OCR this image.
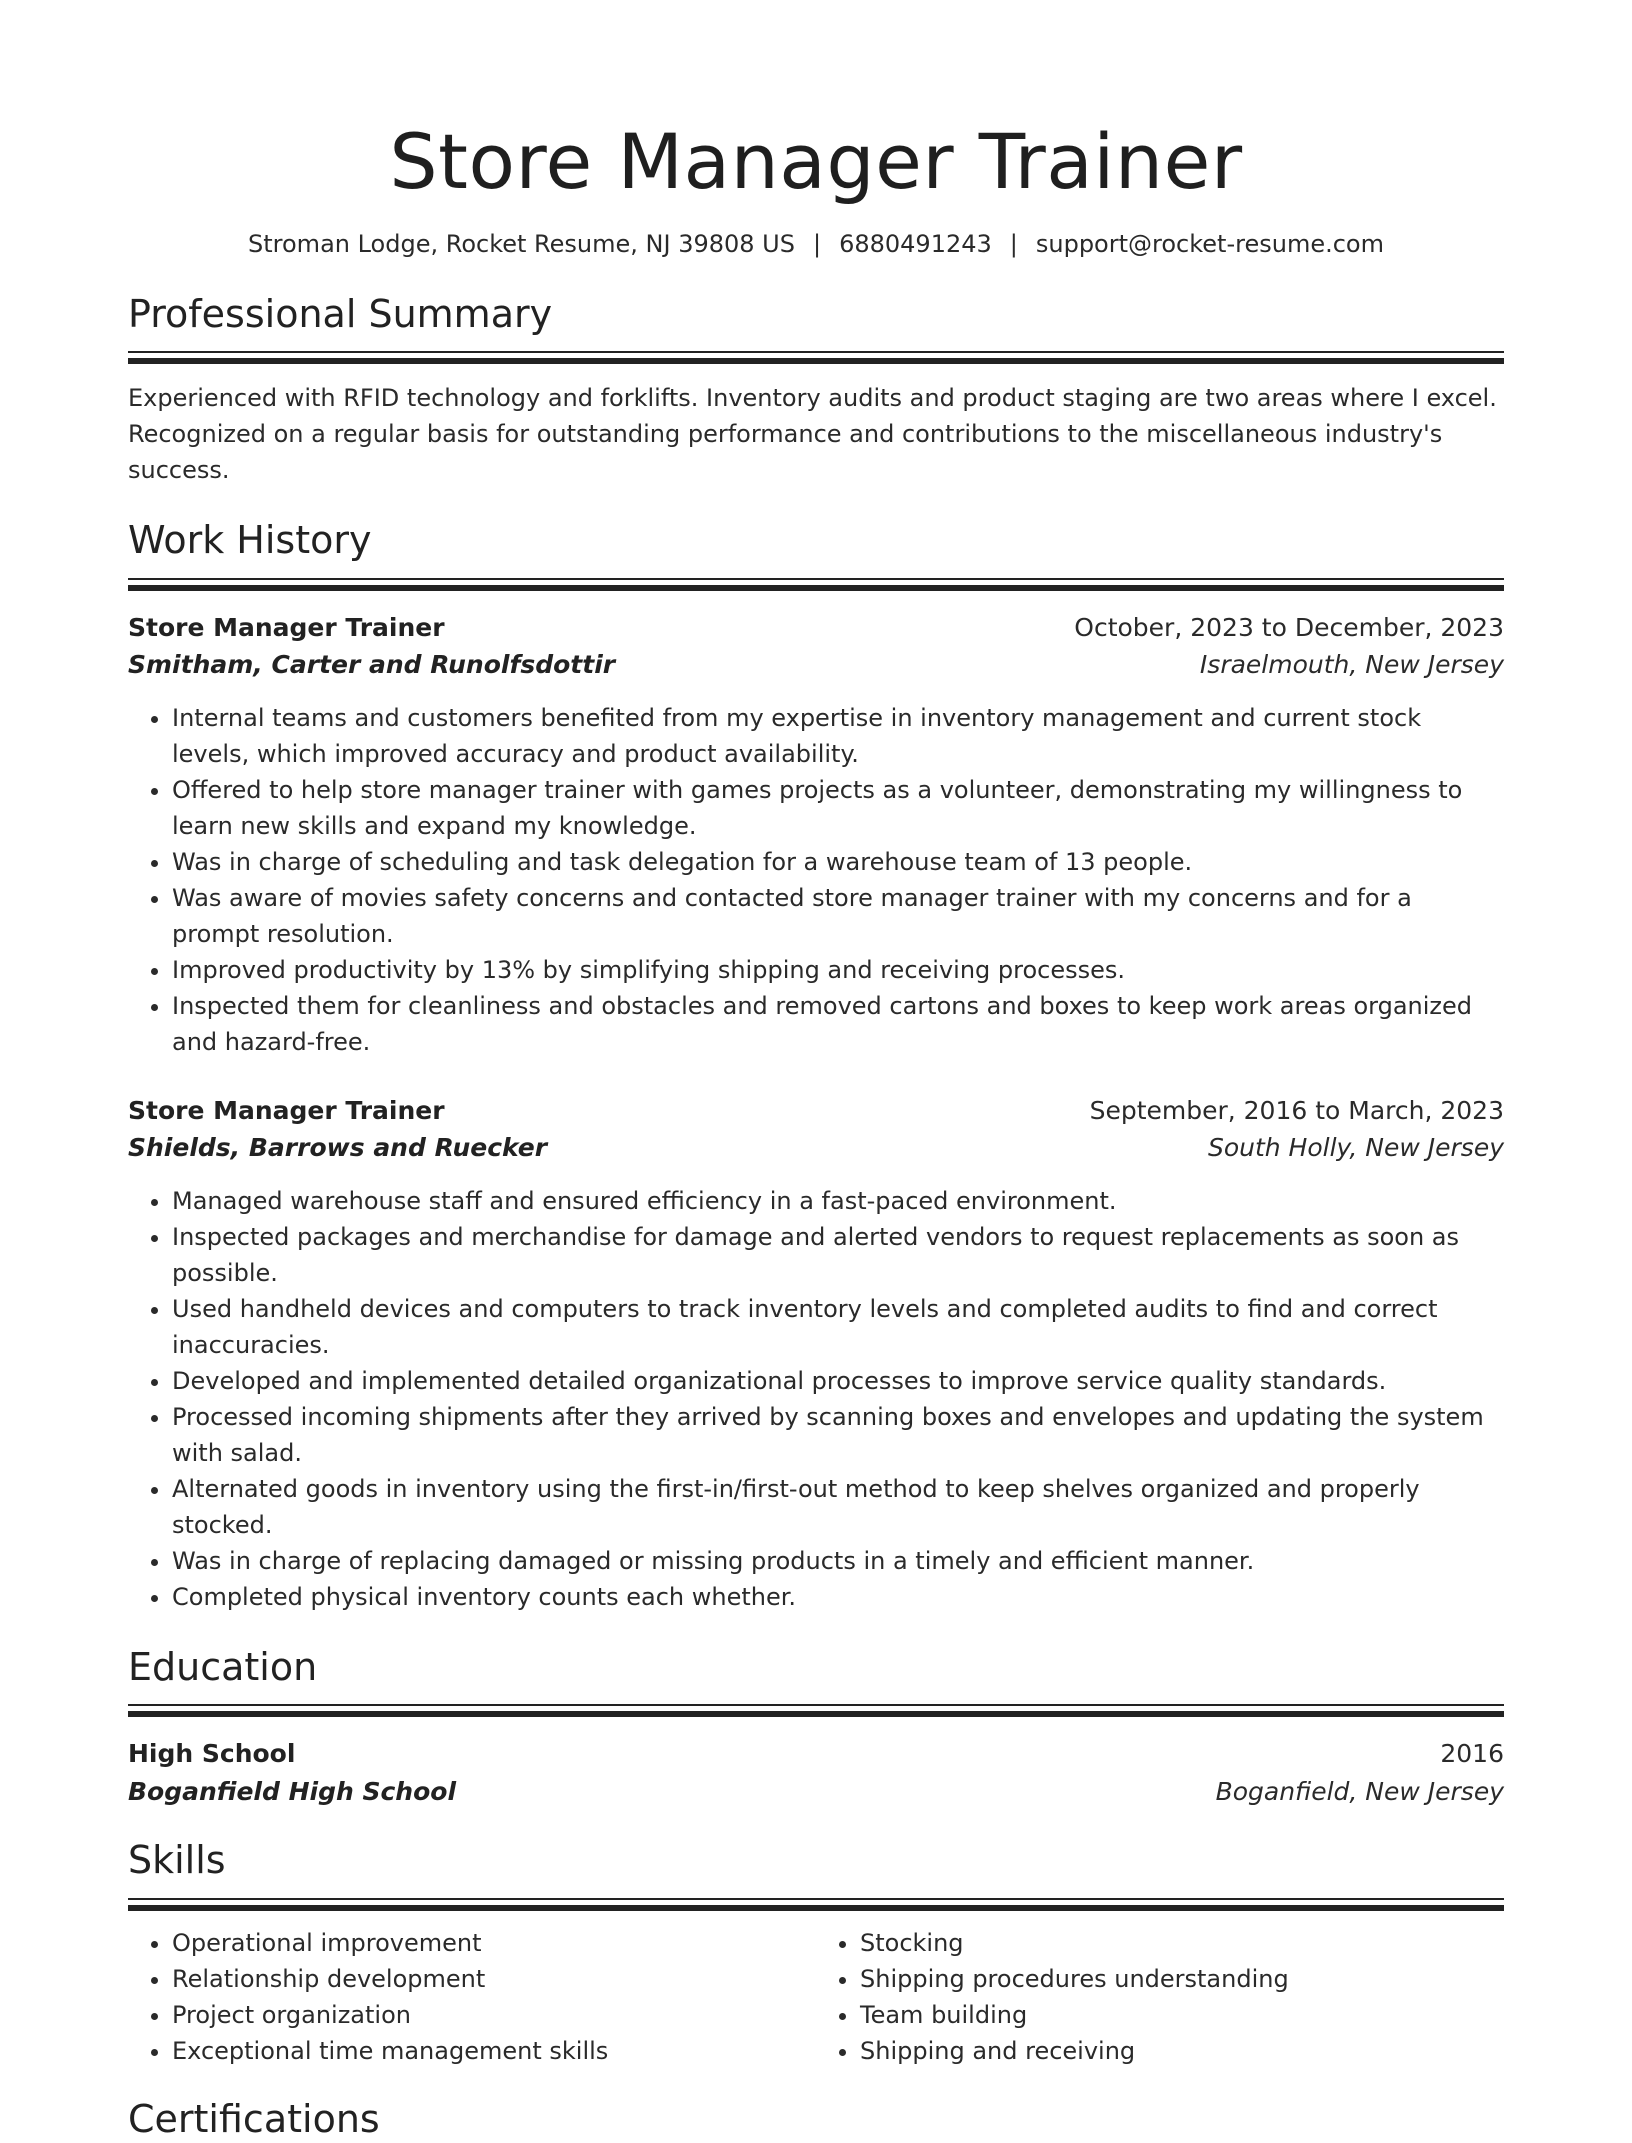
Store Manager Trainer
Stroman Lodge, Rocket Resume, NJ 39808 US | 6880491243 | support@rocket-resume.com
Professional Summary
Experienced with RFID technology and forklifts. Inventory audits and product staging are two areas where I excel. Recognized on a regular basis for outstanding performance and contributions to the miscellaneous industry's success.
Work History
Store Manager Trainer	October, 2023 to December, 2023
Smitham, Carter and Runolfsdottir	Israelmouth, New Jersey
• Internal teams and customers benefited from my expertise in inventory management and current stock levels, which improved accuracy and product availability.
• Offered to help store manager trainer with games projects as a volunteer, demonstrating my willingness to learn new skills and expand my knowledge.
• Was in charge of scheduling and task delegation for a warehouse team of 13 people.
• Was aware of movies safety concerns and contacted store manager trainer with my concerns and for a prompt resolution.
• Improved productivity by 13% by simplifying shipping and receiving processes.
• Inspected them for cleanliness and obstacles and removed cartons and boxes to keep work areas organized and hazard-free.
Store Manager Trainer	September, 2016 to March, 2023
Shields, Barrows and Ruecker	South Holly, New Jersey
• Managed warehouse staff and ensured efficiency in a fast-paced environment.
• Inspected packages and merchandise for damage and alerted vendors to request replacements as soon as possible.
• Used handheld devices and computers to track inventory levels and completed audits to find and correct inaccuracies.
• Developed and implemented detailed organizational processes to improve service quality standards.
• Processed incoming shipments after they arrived by scanning boxes and envelopes and updating the system with salad.
• Alternated goods in inventory using the first-in/first-out method to keep shelves organized and properly stocked.
• Was in charge of replacing damaged or missing products in a timely and efficient manner.
• Completed physical inventory counts each whether.
Education
High School	2016
Boganfield High School	Boganfield, New Jersey
Skills
• Operational improvement
• Relationship development
• Project organization
• Exceptional time management skills
• Stocking
• Shipping procedures understanding
• Team building
• Shipping and receiving
Certifications
